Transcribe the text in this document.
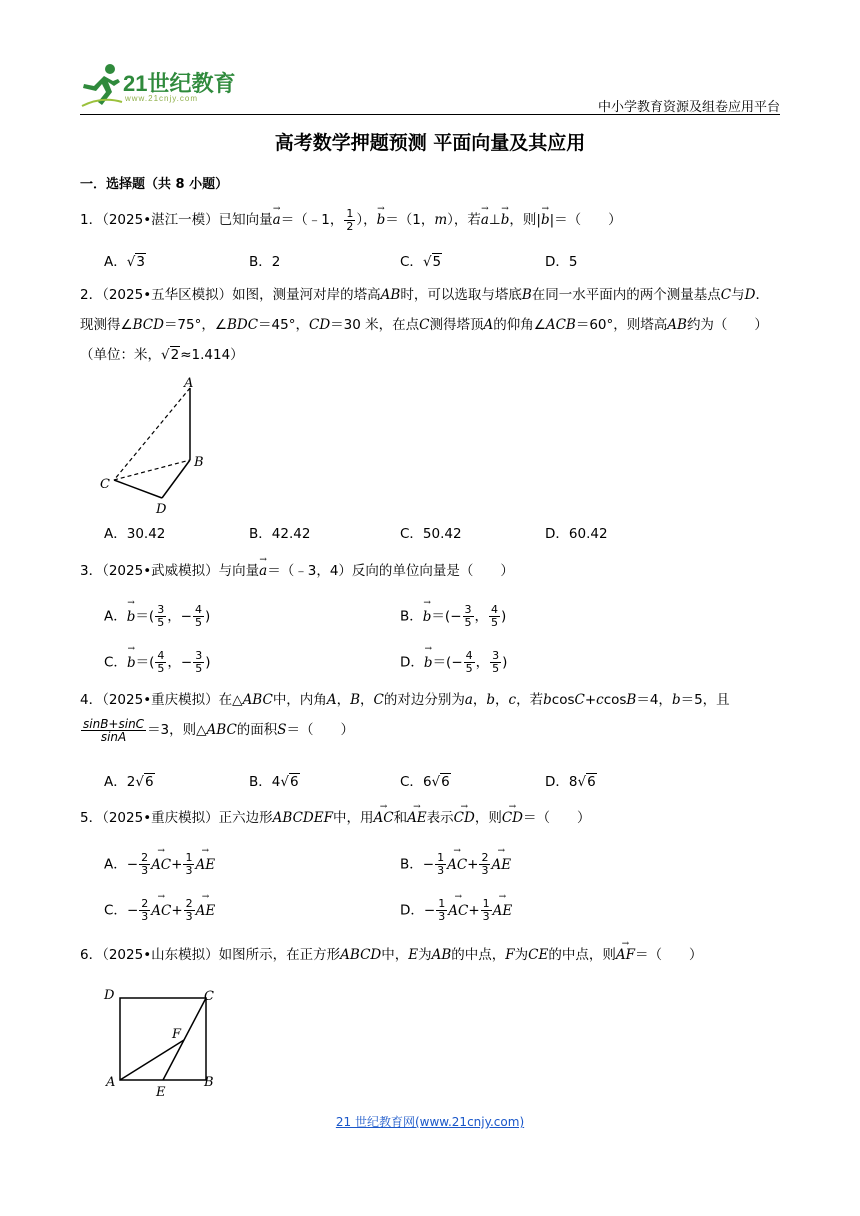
21世纪教育
www.21cnjy.com
中小学教育资源及组卷应用平台
高考数学押题预测 平面向量及其应用
一．选择题（共 8 小题）
1．（2025•湛江一模）已知向量→ a＝（﹣1， $\frac{1}{2}$ ），→ b＝（1，m），若→ a⊥→ b，则|→ b|＝（　　）
A．√3	B．2	C．√5	D．5
2．（2025•五华区模拟）如图，测量河对岸的塔高AB时，可以选取与塔底B在同一水平面内的两个测量基点C与D．现测得∠BCD＝75°，∠BDC＝45°，CD＝30 米，在点C测得塔顶A的仰角∠ACB＝60°，则塔高AB约为（　　）（单位：米，√2≈1.414）
A
B
C
D
A．30.42	B．42.42	C．50.42	D．60.42
3．（2025•武威模拟）与向量→ a＝（﹣3，4）反向的单位向量是（　　）
A．→ $b=( \frac{3}{5}$ ，− $\frac{4}{5}$ )	B．→ $b=(- \frac{3}{5}$ ， $\frac{4}{5}$ )
C．→ $b=( \frac{4}{5}$ ，− $\frac{3}{5}$ )	D．→ $b=(- \frac{4}{5}$ ， $\frac{3}{5}$ )
4．（2025•重庆模拟）在△ABC中，内角A，B，C的对边分别为a，b，c，若bcosC+ccosB＝4，b＝5，且
$\frac{\sin B+\sin C}{\sin A} =3$，则△ABC的面积S＝（　　）
A．2√6	B．4√6	C．6√6	D．8√6
5．（2025•重庆模拟）正六边形ABCDEF中，用→ AC和→ AE表示→ CD，则→ CD＝（　　）
A．− $\frac{2}{3}$
→ $AC+ \frac{1}{3}$
→ AE	B．− $\frac{1}{3}$
→ $AC+ \frac{2}{3}$
→ AE
C．− $\frac{2}{3}$
→ $AC+ \frac{2}{3}$
→ AE	D．− $\frac{1}{3}$
→ $AC+ \frac{1}{3}$
→ AE
6．（2025•山东模拟）如图所示，在正方形ABCD中，E为AB的中点，F为CE的中点，则→ AF＝（　　）
D	C
F
A
E
B
21 世纪教育网(www.21cnjy.com)
